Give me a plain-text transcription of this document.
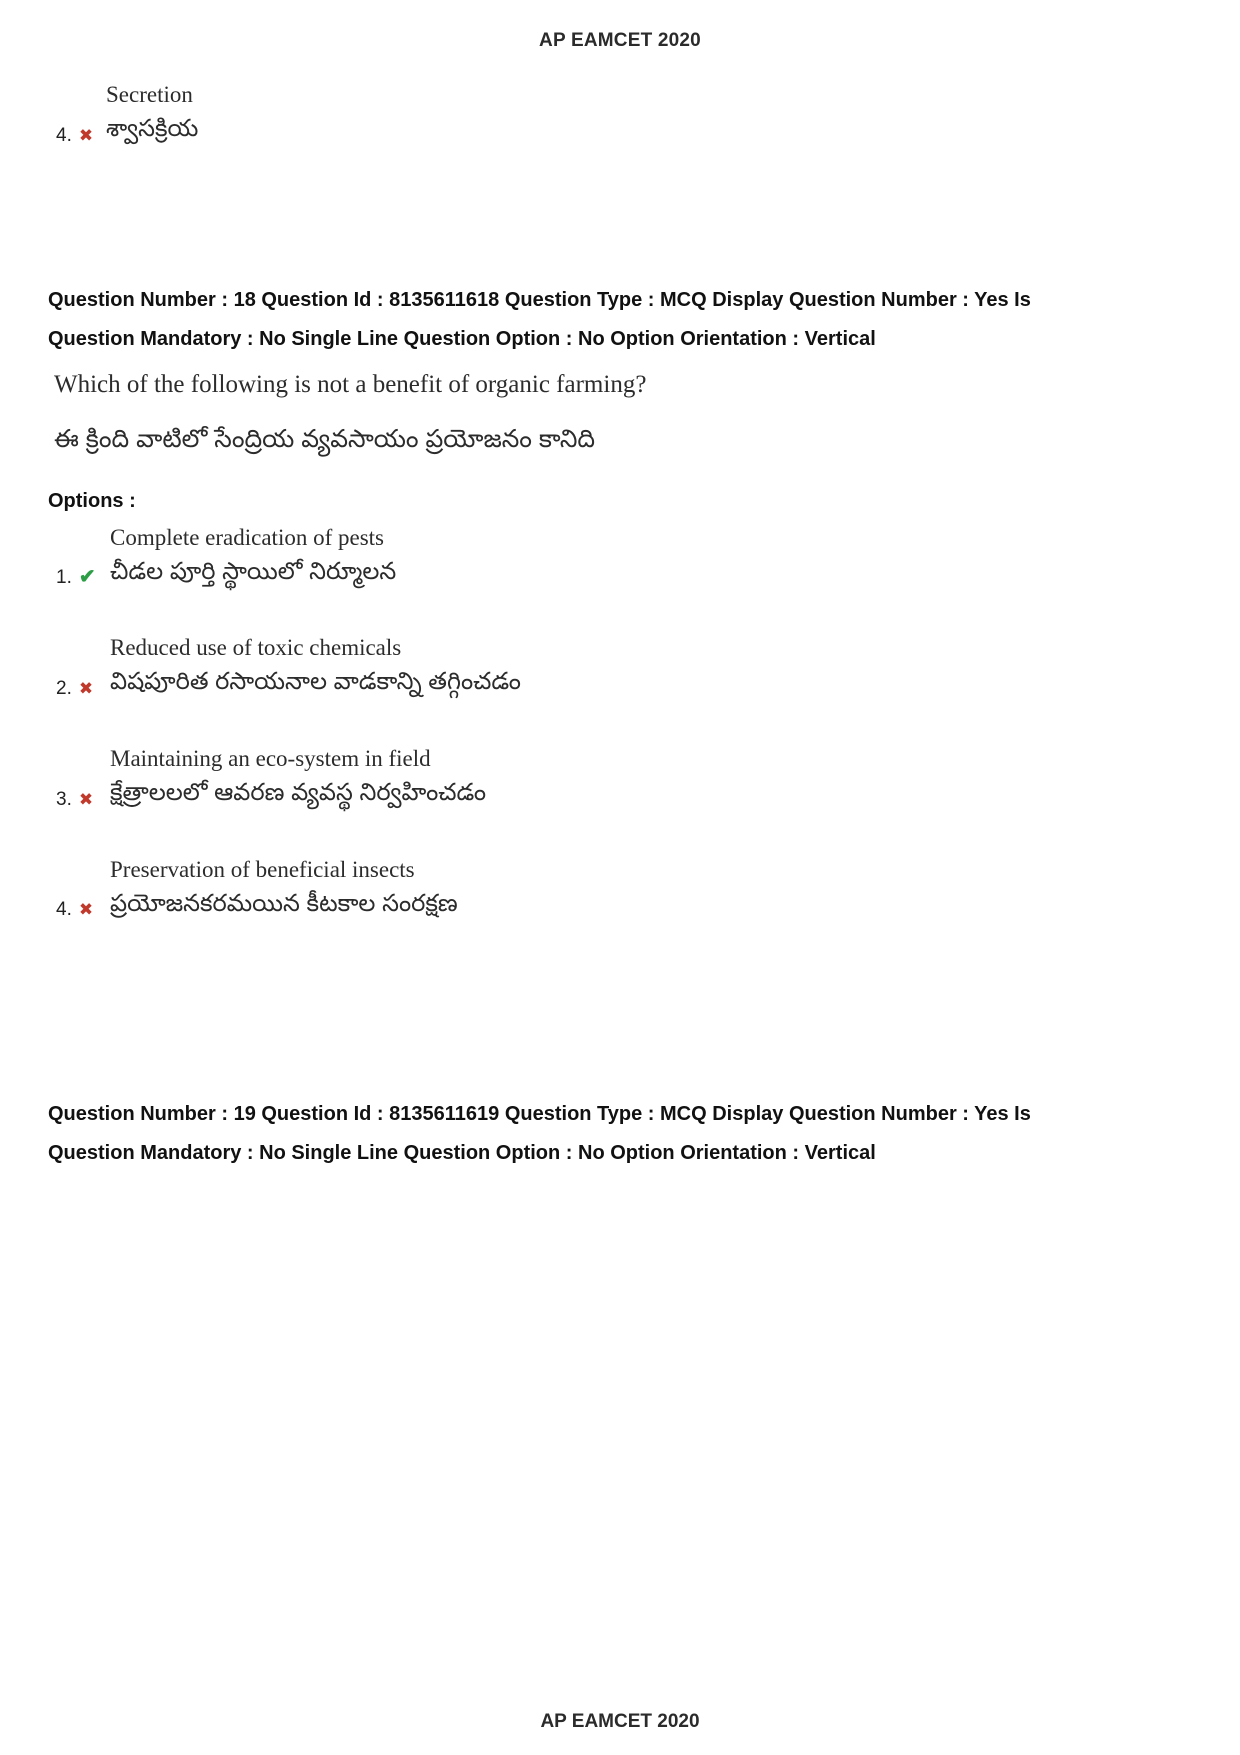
AP EAMCET 2020
4. ✖
Secretion
శ్వాసక్రియ
Question Number : 18 Question Id : 8135611618 Question Type : MCQ Display Question Number : Yes Is Question Mandatory : No Single Line Question Option : No Option Orientation : Vertical
Which of the following is not a benefit of organic farming?
ఈ క్రింది వాటిలో సేంద్రియ వ్యవసాయం ప్రయోజనం కానిది
Options :
1. ✔
Complete eradication of pests
చీడల పూర్తి స్థాయిలో నిర్మూలన
2. ✖
Reduced use of toxic chemicals
విషపూరిత రసాయనాల వాడకాన్ని తగ్గించడం
3. ✖
Maintaining an eco-system in field
క్షేత్రాలలలో ఆవరణ వ్యవస్థ నిర్వహించడం
4. ✖
Preservation of beneficial insects
ప్రయోజనకరమయిన కీటకాల సంరక్షణ
Question Number : 19 Question Id : 8135611619 Question Type : MCQ Display Question Number : Yes Is Question Mandatory : No Single Line Question Option : No Option Orientation : Vertical
AP EAMCET 2020
